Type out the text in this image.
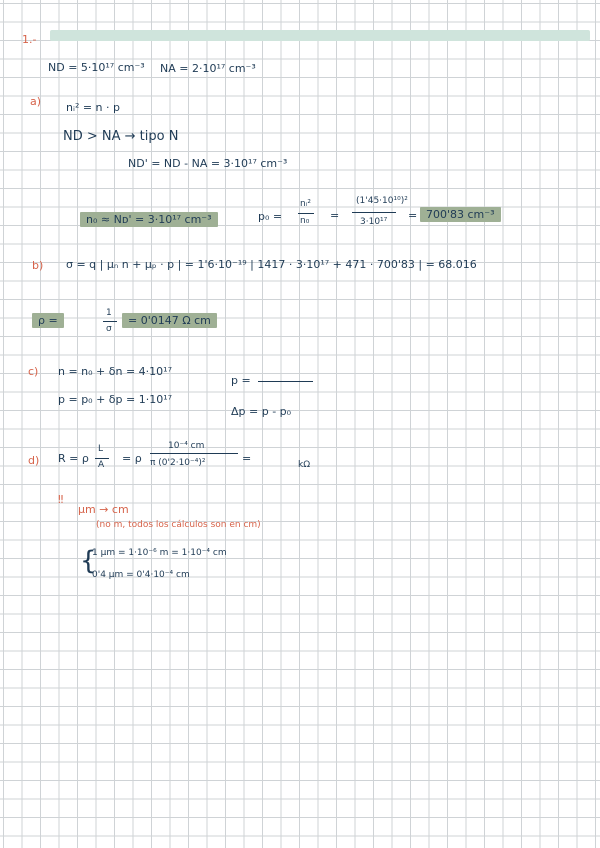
1.-
ND = 5·10¹⁷ cm⁻³ NA = 2·10¹⁷ cm⁻³
a) nᵢ² = n · p
ND > NA → tipo N
ND' = ND - NA = 3·10¹⁷ cm⁻³
n₀ ≈ Nᴅ' = 3·10¹⁷ cm⁻³	p₀ =
nᵢ²
n₀ =
(1'45·10¹⁰)²
3·10¹⁷ = 700'83 cm⁻³
b) σ = q | μₙ n + μₚ · p | = 1'6·10⁻¹⁹ | 1417 · 3·10¹⁷ + 471 · 700'83 | = 68.016
ρ =
1
σ
= 0'0147 Ω cm
c) n = n₀ + δn = 4·10¹⁷
p = p₀ + δp = 1·10¹⁷
p =
Δp = p - p₀
d) R = ρ
L
A = ρ
10⁻⁴ cm
π (0'2·10⁻⁴)²	=	kΩ
‼
μm → cm
(no m, todos los cálculos son en cm)
{
1 μm = 1·10⁻⁶ m = 1·10⁻⁴ cm
0'4 μm = 0'4·10⁻⁴ cm
